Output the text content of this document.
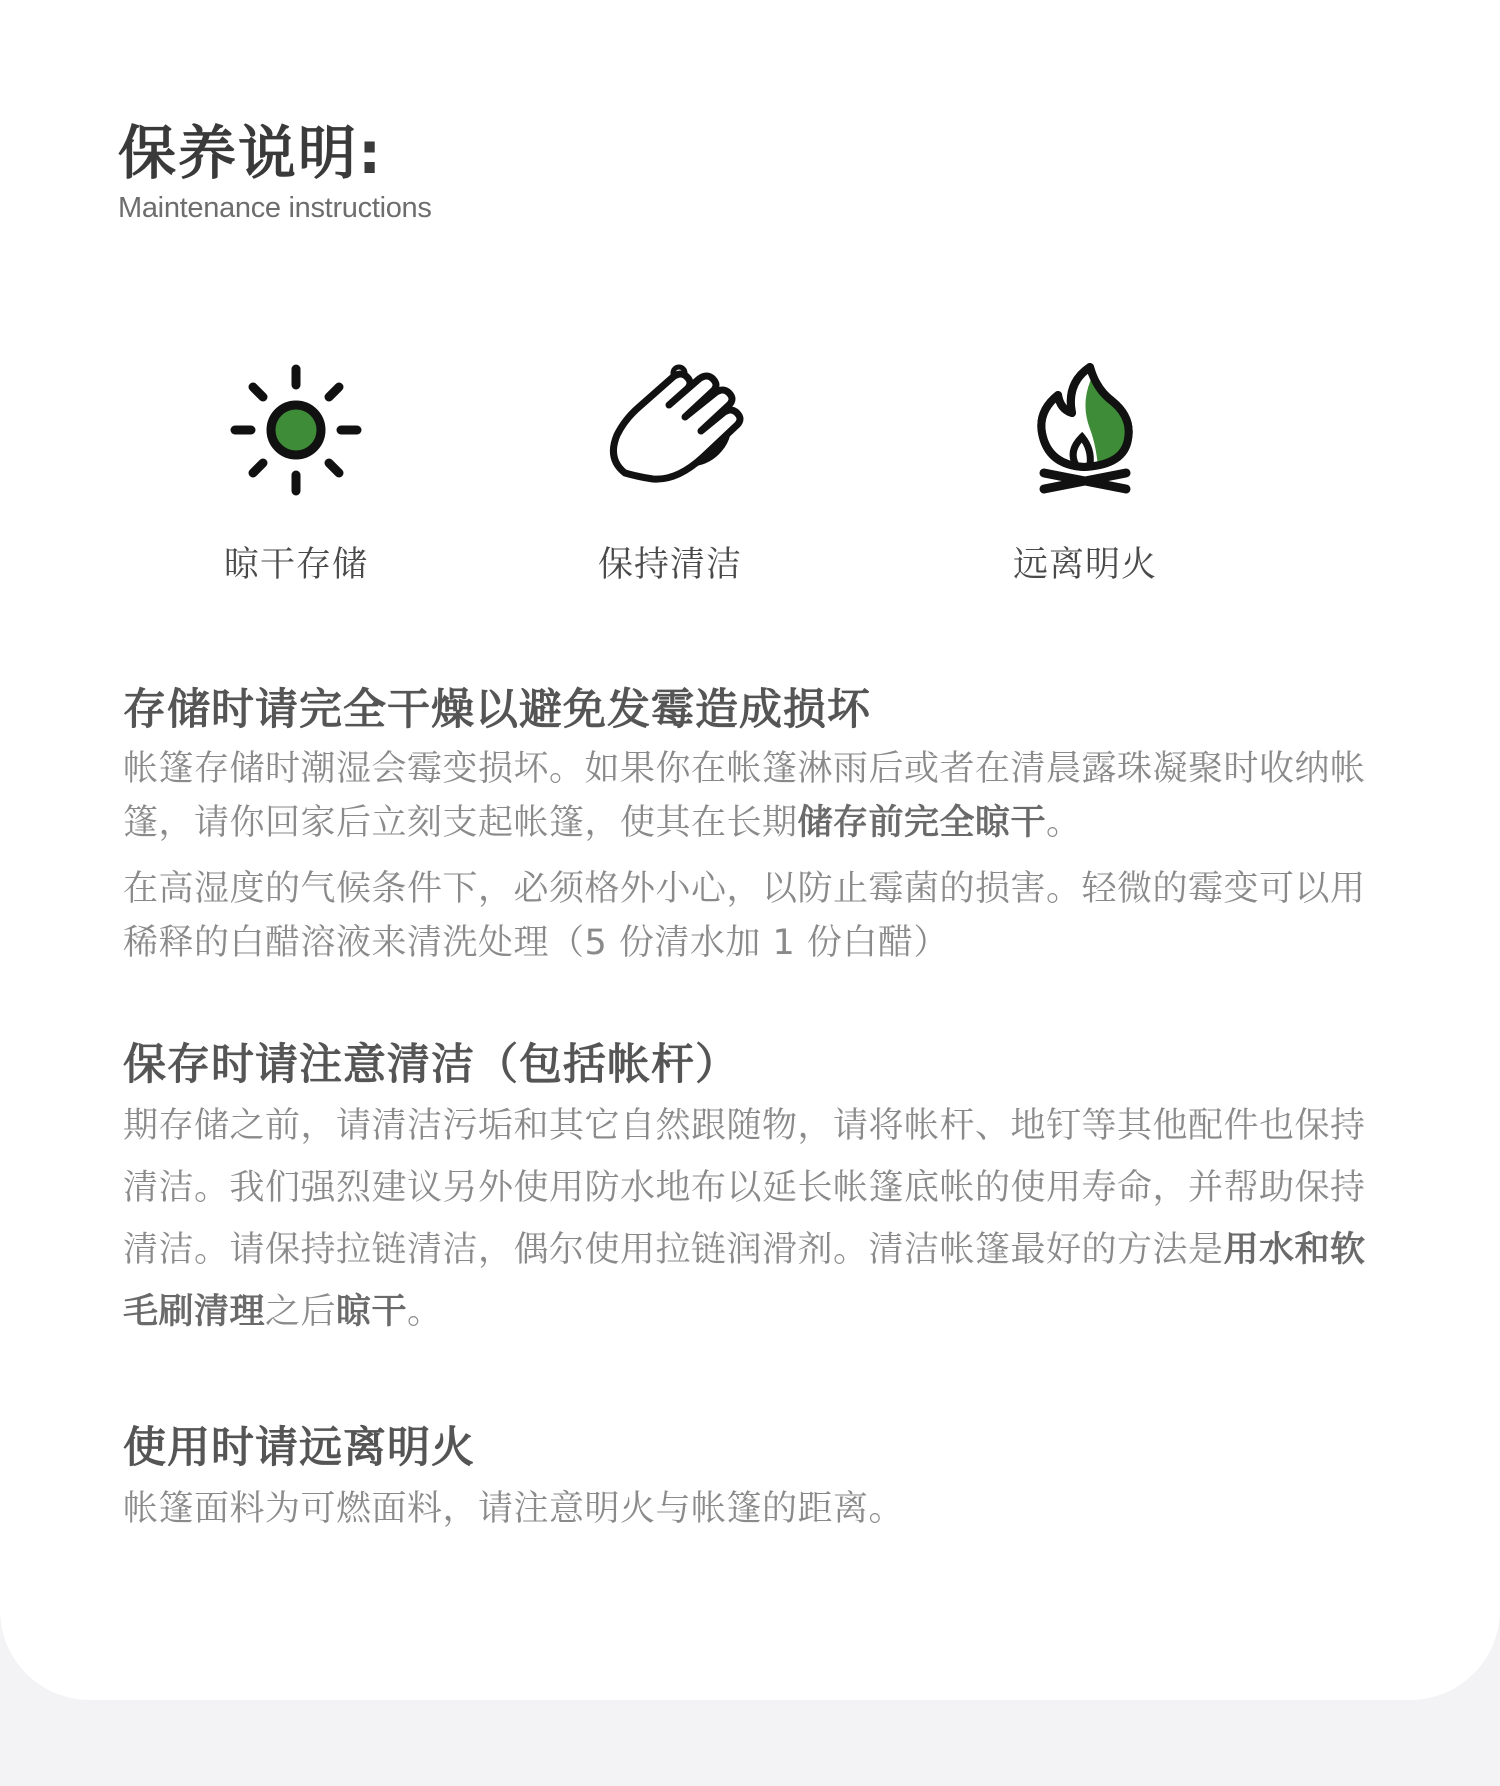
保养说明:
Maintenance instructions
晾干存储	保持清洁	远离明火
存储时请完全干燥以避免发霉造成损坏

帐篷存储时潮湿会霉变损坏。如果你在帐篷淋雨后或者在清晨露珠凝聚时收纳帐篷，请你回家后立刻支起帐篷，使其在长期储存前完全晾干。

在高湿度的气候条件下，必须格外小心，以防止霉菌的损害。轻微的霉变可以用稀释的白醋溶液来清洗处理（5 份清水加 1 份白醋）

保存时请注意清洁（包括帐杆）

期存储之前，请清洁污垢和其它自然跟随物，请将帐杆、地钉等其他配件也保持清洁。我们强烈建议另外使用防水地布以延长帐篷底帐的使用寿命，并帮助保持清洁。请保持拉链清洁，偶尔使用拉链润滑剂。清洁帐篷最好的方法是用水和软毛刷清理之后晾干。

使用时请远离明火

帐篷面料为可燃面料，请注意明火与帐篷的距离。
